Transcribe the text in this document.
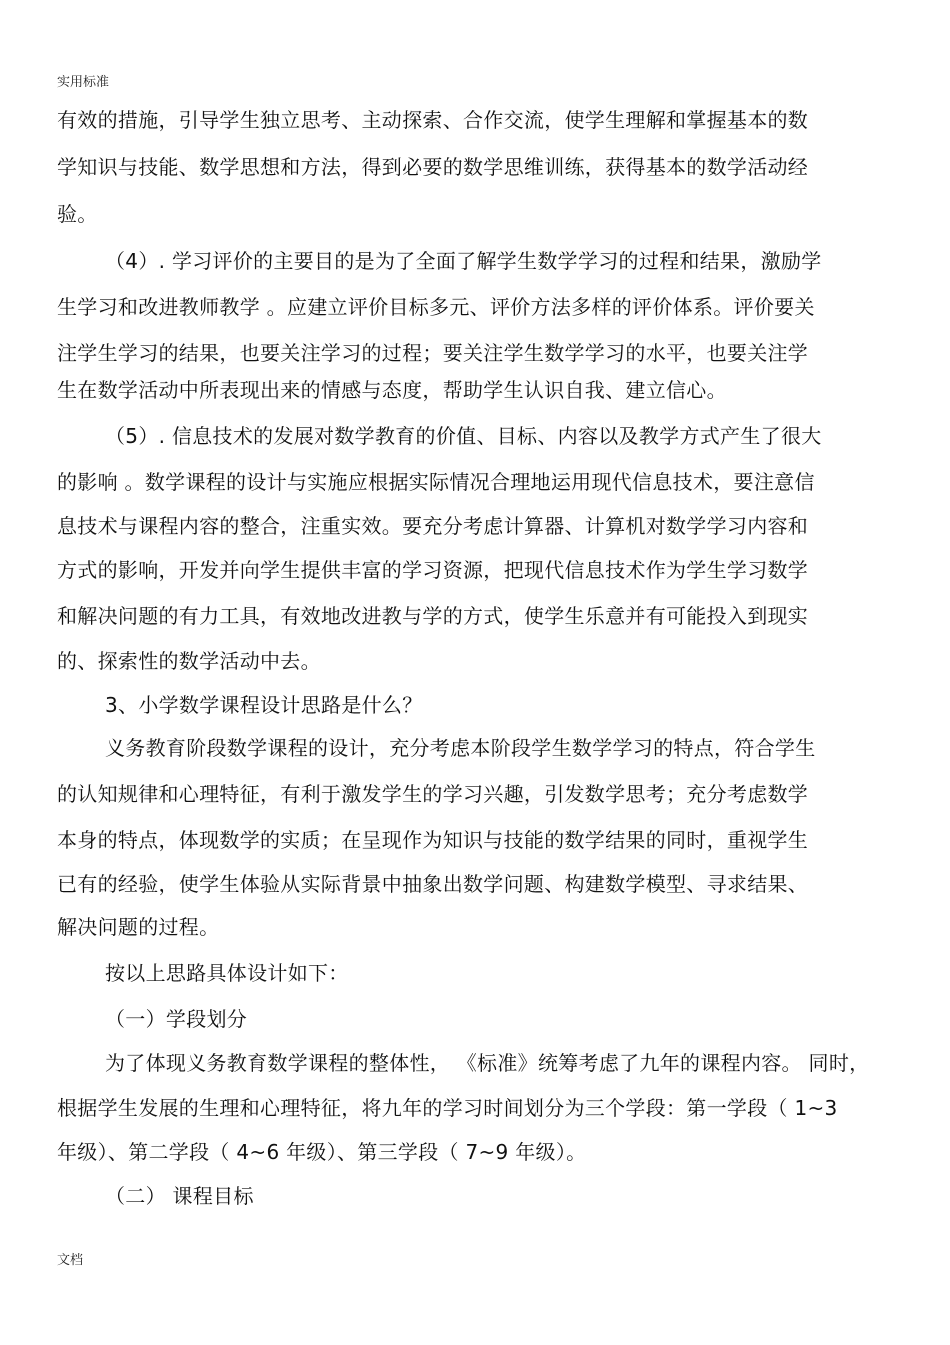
实用标准
有效的措施，引导学生独立思考、主动探索、合作交流，使学生理解和掌握基本的数
学知识与技能、数学思想和方法，得到必要的数学思维训练，获得基本的数学活动经
验。
（4）. 学习评价的主要目的是为了全面了解学生数学学习的过程和结果，激励学
生学习和改进教师教学 。应建立评价目标多元、评价方法多样的评价体系。评价要关
注学生学习的结果，也要关注学习的过程；要关注学生数学学习的水平，也要关注学
生在数学活动中所表现出来的情感与态度，帮助学生认识自我、建立信心。
（5）. 信息技术的发展对数学教育的价值、目标、内容以及教学方式产生了很大
的影响 。数学课程的设计与实施应根据实际情况合理地运用现代信息技术，要注意信
息技术与课程内容的整合，注重实效。要充分考虑计算器、计算机对数学学习内容和
方式的影响，开发并向学生提供丰富的学习资源，把现代信息技术作为学生学习数学
和解决问题的有力工具，有效地改进教与学的方式，使学生乐意并有可能投入到现实
的、探索性的数学活动中去。
3、小学数学课程设计思路是什么？
义务教育阶段数学课程的设计，充分考虑本阶段学生数学学习的特点，符合学生
的认知规律和心理特征，有利于激发学生的学习兴趣，引发数学思考；充分考虑数学
本身的特点，体现数学的实质；在呈现作为知识与技能的数学结果的同时，重视学生
已有的经验，使学生体验从实际背景中抽象出数学问题、构建数学模型、寻求结果、
解决问题的过程。
按以上思路具体设计如下：
（一）学段划分
为了体现义务教育数学课程的整体性， 《标准》统筹考虑了九年的课程内容。 同时，
根据学生发展的生理和心理特征，将九年的学习时间划分为三个学段：第一学段（ 1~3
年级）、第二学段（ 4~6 年级）、第三学段（ 7~9 年级）。
（二） 课程目标
文档
